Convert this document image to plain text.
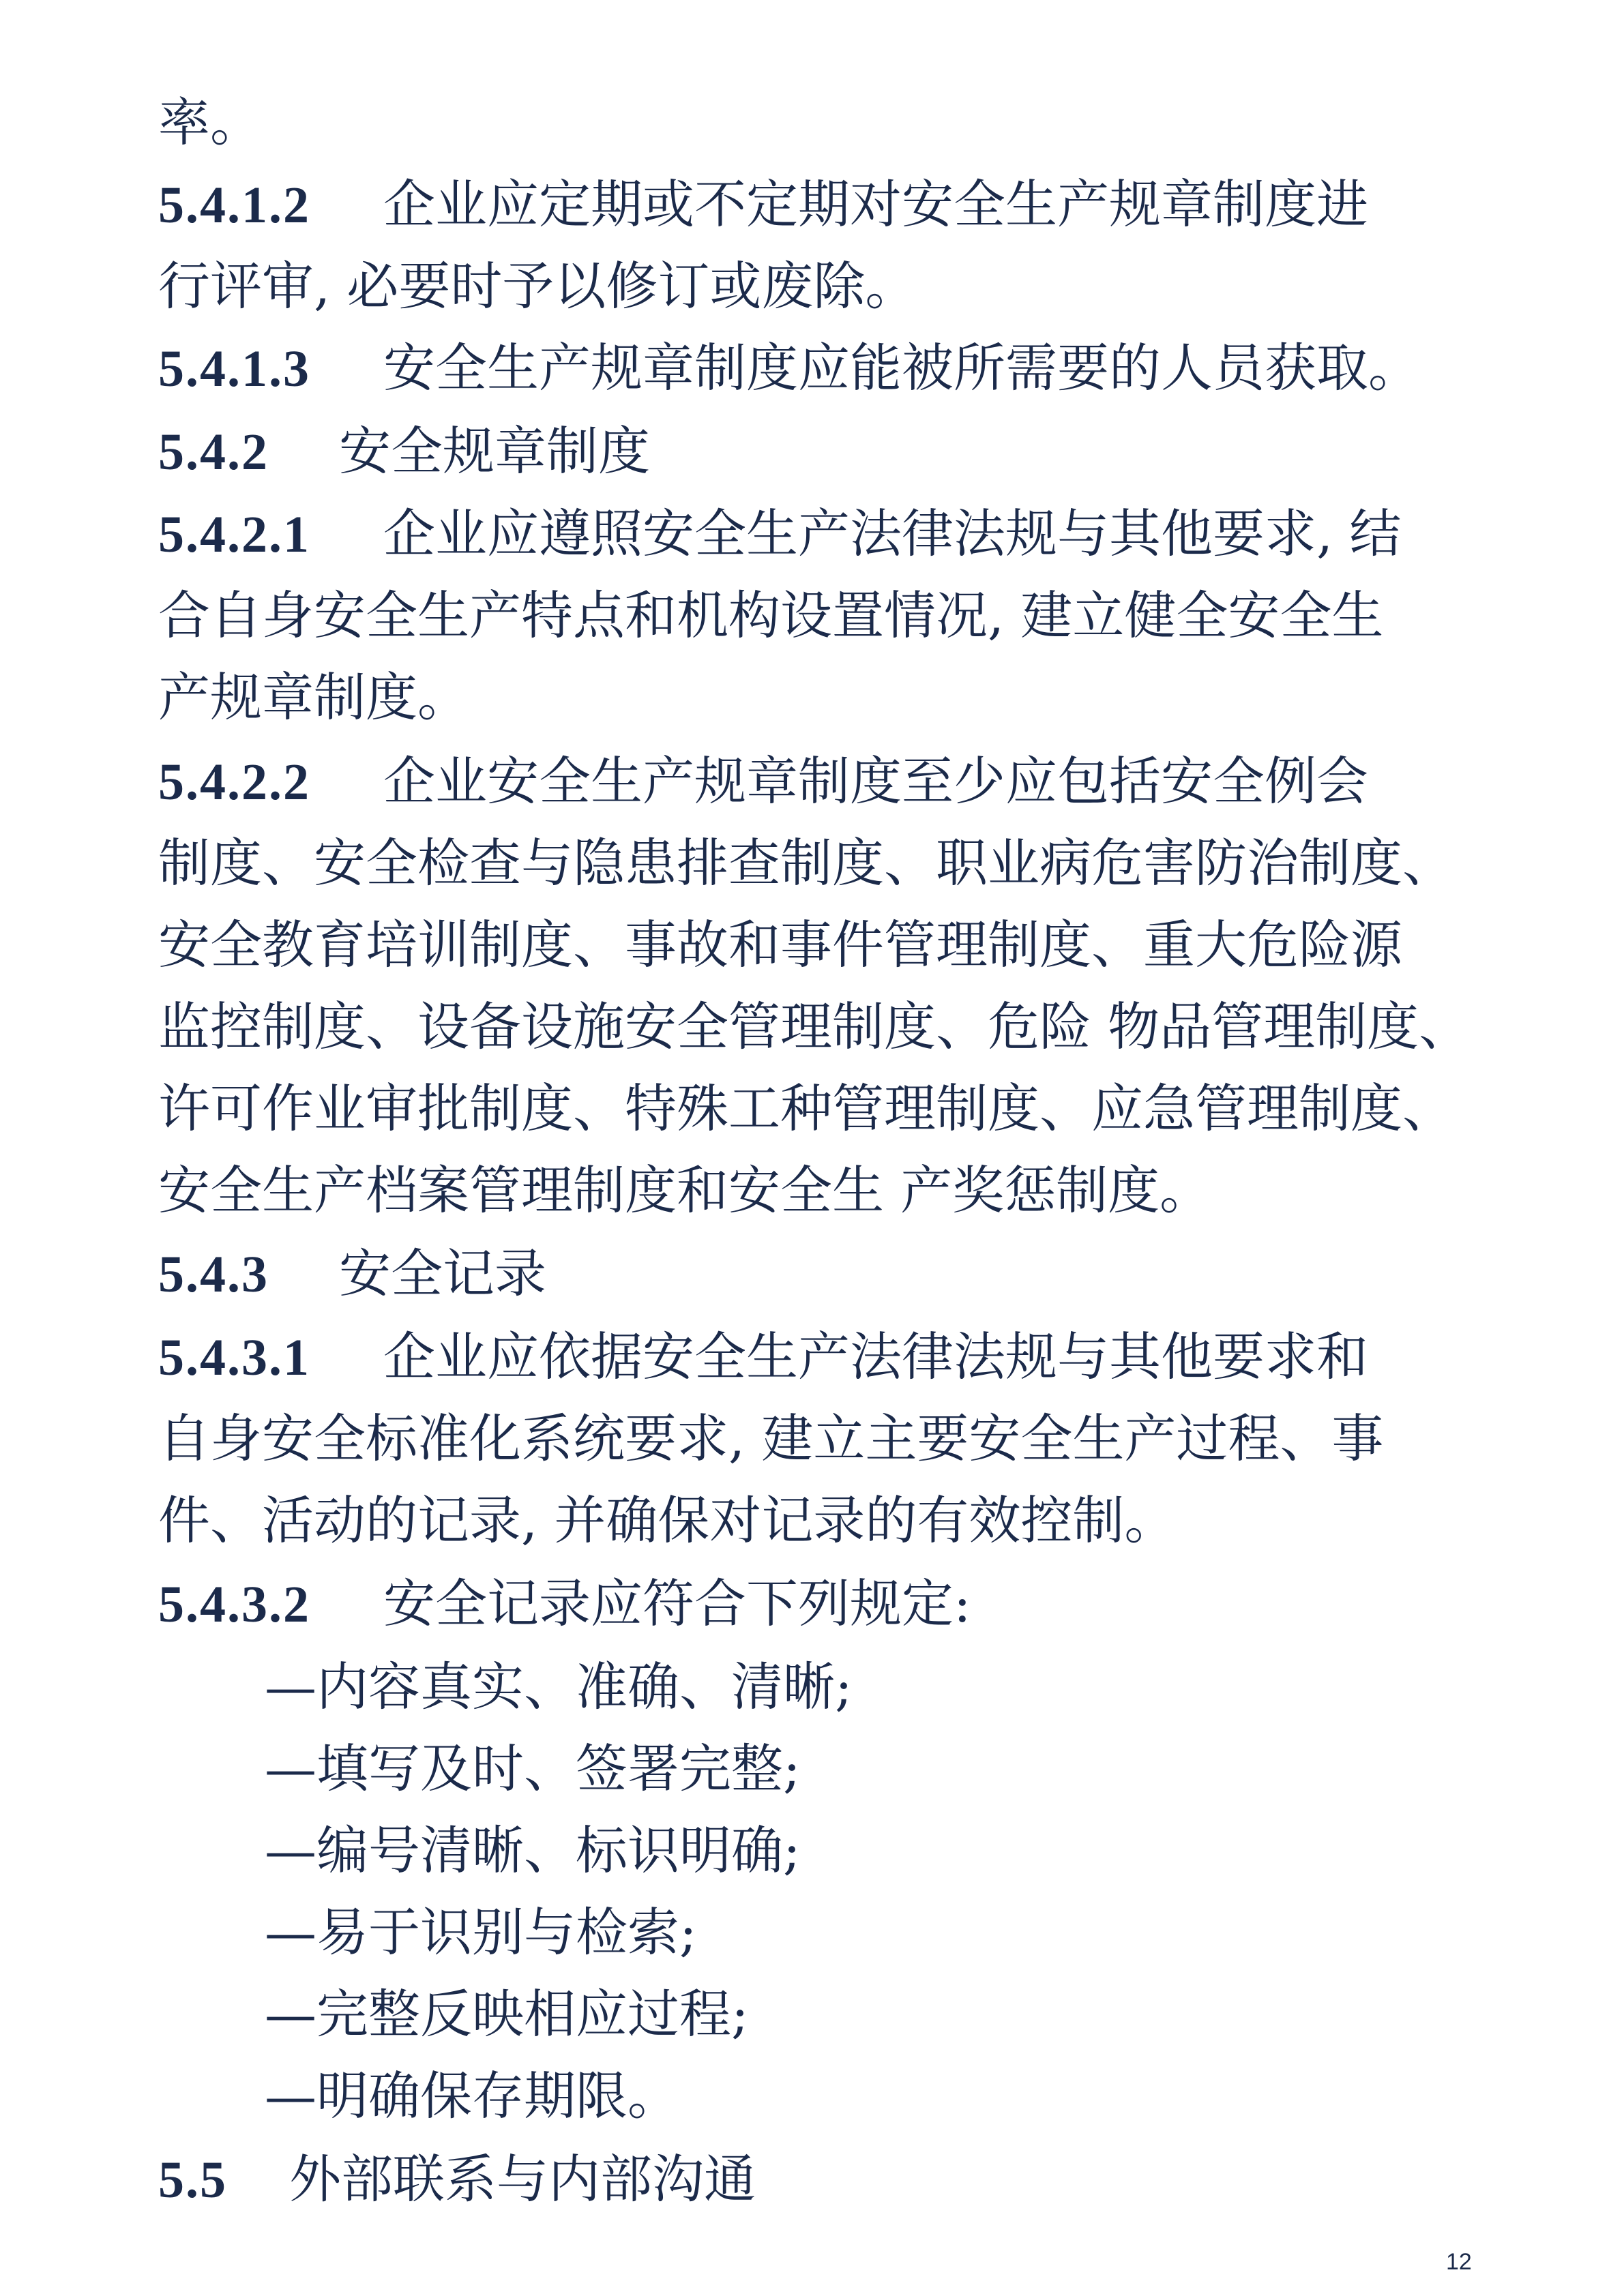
率。
5.4.1.2 企业应定期或不定期对安全生产规章制度进
行评审, 必要时予以修订或废除。
5.4.1.3 安全生产规章制度应能被所需要的人员获取。
5.4.2 安全规章制度
5.4.2.1 企业应遵照安全生产法律法规与其他要求, 结
合自身安全生产特点和机构设置情况, 建立健全安全生
产规章制度。
5.4.2.2 企业安全生产规章制度至少应包括安全例会
制度、安全检查与隐患排查制度、职业病危害防治制度、
安全教育培训制度、事故和事件管理制度、重大危险源
监控制度、设备设施安全管理制度、危险 物品管理制度、
许可作业审批制度、特殊工种管理制度、应急管理制度、
安全生产档案管理制度和安全生 产奖惩制度。
5.4.3 安全记录
5.4.3.1 企业应依据安全生产法律法规与其他要求和
自身安全标准化系统要求, 建立主要安全生产过程、事
件、活动的记录, 并确保对记录的有效控制。
5.4.3.2 安全记录应符合下列规定:
—内容真实、准确、清晰;
—填写及时、签署完整;
—编号清晰、标识明确;
—易于识别与检索;
—完整反映相应过程;
—明确保存期限。
5.5 外部联系与内部沟通
12
